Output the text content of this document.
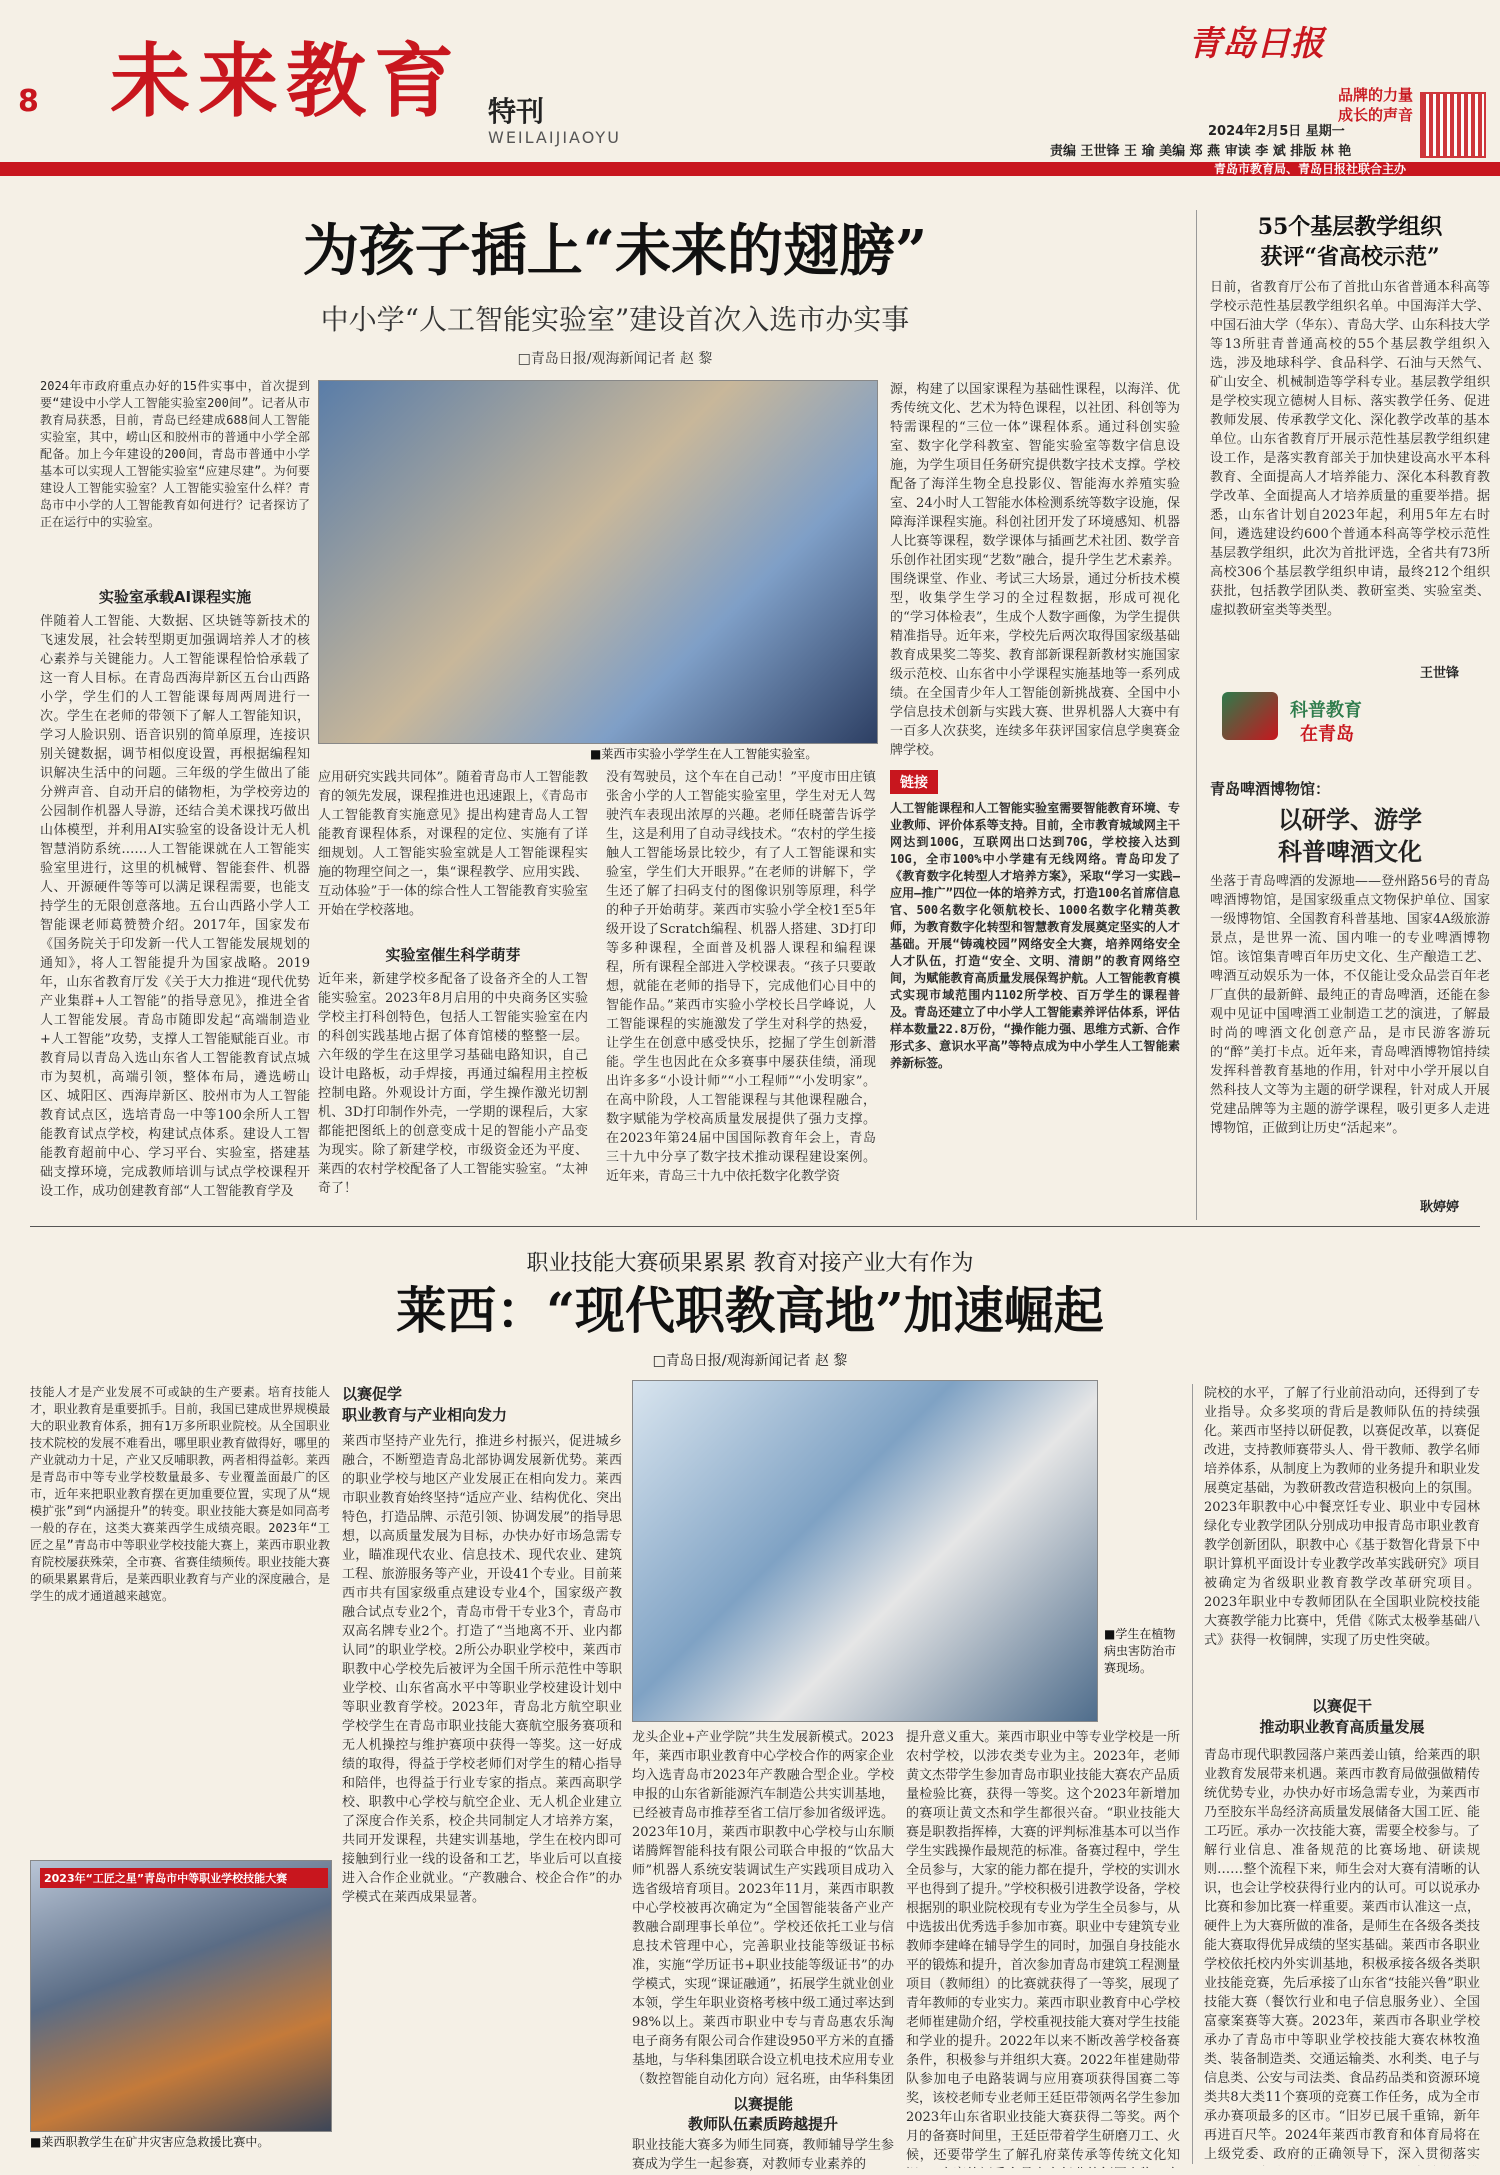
8 未来教育 特刊
WEILAIJIAOYU
青岛日报
品牌的力量
成长的声音
2024年2月5日 星期一
责编 王世锋 王 瑜 美编 郑 燕 审读 李 斌 排版 林 艳
青岛市教育局、青岛日报社联合主办
为孩子插上“未来的翅膀”
中小学“人工智能实验室”建设首次入选市办实事
□青岛日报/观海新闻记者 赵 黎
2024年市政府重点办好的15件实事中，首次提到要“建设中小学人工智能实验室200间”。记者从市教育局获悉，目前，青岛已经建成688间人工智能实验室，其中，崂山区和胶州市的普通中小学全部配备。加上今年建设的200间，青岛市普通中小学基本可以实现人工智能实验室“应建尽建”。为何要建设人工智能实验室？人工智能实验室什么样？青岛市中小学的人工智能教育如何进行？记者探访了正在运行中的实验室。
实验室承载AI课程实施
伴随着人工智能、大数据、区块链等新技术的飞速发展，社会转型期更加强调培养人才的核心素养与关键能力。人工智能课程恰恰承载了这一育人目标。在青岛西海岸新区五台山西路小学，学生们的人工智能课每周两周进行一次。学生在老师的带领下了解人工智能知识，学习人脸识别、语音识别的简单原理，连接识别关键数据，调节相似度设置，再根据编程知识解决生活中的问题。三年级的学生做出了能分辨声音、自动开启的储物柜，为学校旁边的公园制作机器人导游，还结合美术课找巧做出山体模型，并利用AI实验室的设备设计无人机智慧消防系统……人工智能课就在人工智能实验室里进行，这里的机械臂、智能套件、机器人、开源硬件等等可以满足课程需要，也能支持学生的无限创意落地。五台山西路小学人工智能课老师葛赞赞介绍。2017年，国家发布《国务院关于印发新一代人工智能发展规划的通知》，将人工智能提升为国家战略。2019年，山东省教育厅发《关于大力推进“现代优势产业集群+人工智能”的指导意见》，推进全省人工智能发展。青岛市随即发起“高端制造业+人工智能”攻势，支撑人工智能赋能百业。市教育局以青岛入选山东省人工智能教育试点城市为契机，高端引领，整体布局，遴选崂山区、城阳区、西海岸新区、胶州市为人工智能教育试点区，选培青岛一中等100余所人工智能教育试点学校，构建试点体系。建设人工智能教育超前中心、学习平台、实验室，搭建基础支撑环境，完成教师培训与试点学校课程开设工作，成功创建教育部“人工智能教育学及
■莱西市实验小学学生在人工智能实验室。
应用研究实践共同体”。随着青岛市人工智能教育的领先发展，课程推进也迅速跟上，《青岛市人工智能教育实施意见》提出构建青岛人工智能教育课程体系，对课程的定位、实施有了详细规划。人工智能实验室就是人工智能课程实施的物理空间之一，集“课程教学、应用实践、互动体验”于一体的综合性人工智能教育实验室开始在学校落地。
实验室催生科学萌芽
近年来，新建学校多配备了设备齐全的人工智能实验室。2023年8月启用的中央商务区实验学校主打科创特色，包括人工智能实验室在内的科创实践基地占据了体育馆楼的整整一层。六年级的学生在这里学习基础电路知识，自己设计电路板，动手焊接，再通过编程用主控板控制电路。外观设计方面，学生操作激光切割机、3D打印制作外壳，一学期的课程后，大家都能把图纸上的创意变成十足的智能小产品变为现实。除了新建学校，市级资金还为平度、莱西的农村学校配备了人工智能实验室。“太神奇了！
没有驾驶员，这个车在自己动！”平度市田庄镇张舍小学的人工智能实验室里，学生对无人驾驶汽车表现出浓厚的兴趣。老师任晓蕾告诉学生，这是利用了自动寻线技术。“农村的学生接触人工智能场景比较少，有了人工智能课和实验室，学生们大开眼界。”在老师的讲解下，学生还了解了扫码支付的图像识别等原理，科学的种子开始萌芽。莱西市实验小学全校1至5年级开设了Scratch编程、机器人搭建、3D打印等多种课程，全面普及机器人课程和编程课程，所有课程全部进入学校课表。“孩子只要敢想，就能在老师的指导下，完成他们心目中的智能作品。”莱西市实验小学校长吕学峰说，人工智能课程的实施激发了学生对科学的热爱，让学生在创意中感受快乐，挖掘了学生创新潜能。学生也因此在众多赛事中屡获佳绩，涌现出许多多“小设计师”“小工程师”“小发明家”。在高中阶段，人工智能课程与其他课程融合，数字赋能为学校高质量发展提供了强力支撑。在2023年第24届中国国际教育年会上，青岛三十九中分享了数字技术推动课程建设案例。近年来，青岛三十九中依托数字化教学资
源，构建了以国家课程为基础性课程，以海洋、优秀传统文化、艺术为特色课程，以社团、科创等为特需课程的“三位一体”课程体系。通过科创实验室、数字化学科教室、智能实验室等数字信息设施，为学生项目任务研究提供数字技术支撑。学校配备了海洋生物全息投影仪、智能海水养殖实验室、24小时人工智能水体检测系统等数字设施，保障海洋课程实施。科创社团开发了环境感知、机器人比赛等课程，数学课体与插画艺术社团、数学音乐创作社团实现“艺数”融合，提升学生艺术素养。围绕课堂、作业、考试三大场景，通过分析技术模型，收集学生学习的全过程数据，形成可视化的“学习体检表”，生成个人数字画像，为学生提供精准指导。近年来，学校先后两次取得国家级基础教育成果奖二等奖、教育部新课程新教材实施国家级示范校、山东省中小学课程实施基地等一系列成绩。在全国青少年人工智能创新挑战赛、全国中小学信息技术创新与实践大赛、世界机器人大赛中有一百多人次获奖，连续多年获评国家信息学奥赛金牌学校。
链接
人工智能课程和人工智能实验室需要智能教育环境、专业教师、评价体系等支持。目前，全市教育城域网主干网达到100G，互联网出口达到70G，学校接入达到10G，全市100%中小学建有无线网络。青岛印发了《教育数字化转型人才培养方案》，采取“学习一实践—应用—推广”四位一体的培养方式，打造100名首席信息官、500名数字化领航校长、1000名数字化精英教师，为教育数字化转型和智慧教育发展奠定坚实的人才基础。开展“铸魂校园”网络安全大赛，培养网络安全人才队伍，打造“安全、文明、清朗”的教育网络空间，为赋能教育高质量发展保驾护航。人工智能教育模式实现市域范围内1102所学校、百万学生的课程普及。青岛还建立了中小学人工智能素养评估体系，评估样本数量22.8万份，“操作能力强、思维方式新、合作形式多、意识水平高”等特点成为中小学生人工智能素养新标签。
55个基层教学组织
获评“省高校示范”
日前，省教育厅公布了首批山东省普通本科高等学校示范性基层教学组织名单。中国海洋大学、中国石油大学（华东）、青岛大学、山东科技大学等13所驻青普通高校的55个基层教学组织入选，涉及地球科学、食品科学、石油与天然气、矿山安全、机械制造等学科专业。基层教学组织是学校实现立德树人目标、落实教学任务、促进教师发展、传承教学文化、深化教学改革的基本单位。山东省教育厅开展示范性基层教学组织建设工作，是落实教育部关于加快建设高水平本科教育、全面提高人才培养能力、深化本科教育教学改革、全面提高人才培养质量的重要举措。据悉，山东省计划自2023年起，利用5年左右时间，遴选建设约600个普通本科高等学校示范性基层教学组织，此次为首批评选，全省共有73所高校306个基层教学组织申请，最终212个组织获批，包括教学团队类、教研室类、实验室类、虚拟教研室类等类型。
王世锋
科普教育
在青岛
青岛啤酒博物馆：
以研学、游学
科普啤酒文化
坐落于青岛啤酒的发源地——登州路56号的青岛啤酒博物馆，是国家级重点文物保护单位、国家一级博物馆、全国教育科普基地、国家4A级旅游景点，是世界一流、国内唯一的专业啤酒博物馆。该馆集青啤百年历史文化、生产酿造工艺、啤酒互动娱乐为一体，不仅能让受众品尝百年老厂直供的最新鲜、最纯正的青岛啤酒，还能在参观中见证中国啤酒工业制造工艺的演进，了解最时尚的啤酒文化创意产品，是市民游客游玩的“醉”美打卡点。近年来，青岛啤酒博物馆持续发挥科普教育基地的作用，针对中小学开展以自然科技人文等为主题的研学课程，针对成人开展党建品牌等为主题的游学课程，吸引更多人走进博物馆，正做到让历史“活起来”。
耿婷婷
职业技能大赛硕果累累 教育对接产业大有作为
莱西：“现代职教高地”加速崛起
□青岛日报/观海新闻记者 赵 黎
技能人才是产业发展不可或缺的生产要素。培育技能人才，职业教育是重要抓手。目前，我国已建成世界规模最大的职业教育体系，拥有1万多所职业院校。从全国职业技术院校的发展不难看出，哪里职业教育做得好，哪里的产业就动力十足，产业又反哺职教，两者相得益彰。莱西是青岛市中等专业学校数量最多、专业覆盖面最广的区市，近年来把职业教育摆在更加重要位置，实现了从“规模扩张”到“内涵提升”的转变。职业技能大赛是如同高考一般的存在，这类大赛莱西学生成绩亮眼。2023年“工匠之星”青岛市中等职业学校技能大赛上，莱西市职业教育院校屡获殊荣，全市赛、省赛佳绩频传。职业技能大赛的硕果累累背后，是莱西职业教育与产业的深度融合，是学生的成才通道越来越宽。
2023年“工匠之星”青岛市中等职业学校技能大赛
■莱西职教学生在矿井灾害应急救援比赛中。
以赛促学
职业教育与产业相向发力
莱西市坚持产业先行，推进乡村振兴，促进城乡融合，不断塑造青岛北部协调发展新优势。莱西的职业学校与地区产业发展正在相向发力。莱西市职业教育始终坚持“适应产业、结构优化、突出特色，打造品牌、示范引领、协调发展”的指导思想，以高质量发展为目标，办快办好市场急需专业，瞄准现代农业、信息技术、现代农业、建筑工程、旅游服务等产业，开设41个专业。目前莱西市共有国家级重点建设专业4个，国家级产教融合试点专业2个，青岛市骨干专业3个，青岛市双高名牌专业2个。打造了“当地离不开、业内都认同”的职业学校。2所公办职业学校中，莱西市职教中心学校先后被评为全国千所示范性中等职业学校、山东省高水平中等职业学校建设计划中等职业教育学校。2023年，青岛北方航空职业学校学生在青岛市职业技能大赛航空服务赛项和无人机操控与维护赛项中获得一等奖。这一好成绩的取得，得益于学校老师们对学生的精心指导和陪伴，也得益于行业专家的指点。莱西高职学校、职教中心学校与航空企业、无人机企业建立了深度合作关系，校企共同制定人才培养方案，共同开发课程，共建实训基地，学生在校内即可接触到行业一线的设备和工艺，毕业后可以直接进入合作企业就业。“产教融合、校企合作”的办学模式在莱西成果显著。
■学生在植物病虫害防治市赛现场。
龙头企业+产业学院”共生发展新模式。2023年，莱西市职业教育中心学校合作的两家企业均入选青岛市2023年产教融合型企业。学校申报的山东省新能源汽车制造公共实训基地，已经被青岛市推荐至省工信厅参加省级评选。2023年10月，莱西市职教中心学校与山东顺诺腾辉智能科技有限公司联合申报的“饮品大师”机器人系统安装调试生产实践项目成功入选省级培育项目。2023年11月，莱西市职教中心学校被再次确定为“全国智能装备产业产教融合副理事长单位”。学校还依托工业与信息技术管理中心，完善职业技能等级证书标准，实施“学历证书+职业技能等级证书”的办学模式，实现“课证融通”，拓展学生就业创业本领，学生年职业资格考核中级工通过率达到98%以上。莱西市职业中专与青岛惠农乐淘电子商务有限公司合作建设950平方米的直播基地，与华科集团联合设立机电技术应用专业（数控智能自动化方向）冠名班，由华科集团
以赛提能
教师队伍素质跨越提升
职业技能大赛多为师生同赛，教师辅导学生参赛成为学生一起参赛，对教师专业素养的
提升意义重大。莱西市职业中等专业学校是一所农村学校，以涉农类专业为主。2023年，老师黄文杰带学生参加青岛市职业技能大赛农产品质量检验比赛，获得一等奖。这个2023年新增加的赛项让黄文杰和学生都很兴奋。“职业技能大赛是职教指挥棒，大赛的评判标准基本可以当作学生实践操作最规范的标准。备赛过程中，学生全员参与，大家的能力都在提升，学校的实训水平也得到了提升。”学校积极引进教学设备，学校根据别的职业院校现有专业为学生全员参与，从中选拔出优秀选手参加市赛。职业中专建筑专业教师李建峰在辅导学生的同时，加强自身技能水平的锻炼和提升，首次参加青岛市建筑工程测量项目（教师组）的比赛就获得了一等奖，展现了青年教师的专业实力。莱西市职业教育中心学校老师崔建勋介绍，学校重视技能大赛对学生技能和学业的提升。2022年以来不断改善学校备赛条件，积极参与并组织大赛。2022年崔建勋带队参加电子电路装调与应用赛项获得国赛二等奖，该校老师专业老师王廷臣带领两名学生参加2023年山东省职业技能大赛获得二等奖。两个月的备赛时间里，王廷臣带着学生研磨刀工、火候，还要带学生了解孔府菜传承等传统文化知
院校的水平，了解了行业前沿动向，还得到了专业指导。众多奖项的背后是教师队伍的持续强化。莱西市坚持以研促教，以赛促改革，以赛促改进，支持教师赛带头人、骨干教师、教学名师培养体系，从制度上为教师的业务提升和职业发展奠定基础，为教研教改营造积极向上的氛围。2023年职教中心中餐烹饪专业、职业中专园林绿化专业教学团队分别成功申报青岛市职业教育教学创新团队，职教中心《基于数智化背景下中职计算机平面设计专业教学改革实践研究》项目被确定为省级职业教育教学改革研究项目。2023年职业中专教师团队在全国职业院校技能大赛教学能力比赛中，凭借《陈式太极拳基础八式》获得一枚铜牌，实现了历史性突破。
以赛促干
推动职业教育高质量发展
青岛市现代职教园落户莱西姜山镇，给莱西的职业教育发展带来机遇。莱西市教育局做强做精传统优势专业，办快办好市场急需专业，为莱西市乃至胶东半岛经济高质量发展储备大国工匠、能工巧匠。承办一次技能大赛，需要全校参与。了解行业信息、准备规范的比赛场地、研读规则……整个流程下来，师生会对大赛有清晰的认识，也会让学校获得行业内的认可。可以说承办比赛和参加比赛一样重要。莱西市认准这一点，硬件上为大赛所做的准备，是师生在各级各类技能大赛取得优异成绩的坚实基础。莱西市各职业学校依托校内外实训基地，积极承接各级各类职业技能竞赛，先后承接了山东省“技能兴鲁”职业技能大赛（餐饮行业和电子信息服务业）、全国富豪案赛等大赛。2023年，莱西市各职业学校承办了青岛市中等职业学校技能大赛农林牧渔类、装备制造类、交通运输类、水利类、电子与信息类、公安与司法类、食品药品类和资源环境类共8大类11个赛项的竞赛工作任务，成为全市承办赛项最多的区市。“旧岁已展千重锦，新年再进百尺竿。2024年莱西市教育和体育局将在上级党委、政府的正确领导下，深入贯彻落实
